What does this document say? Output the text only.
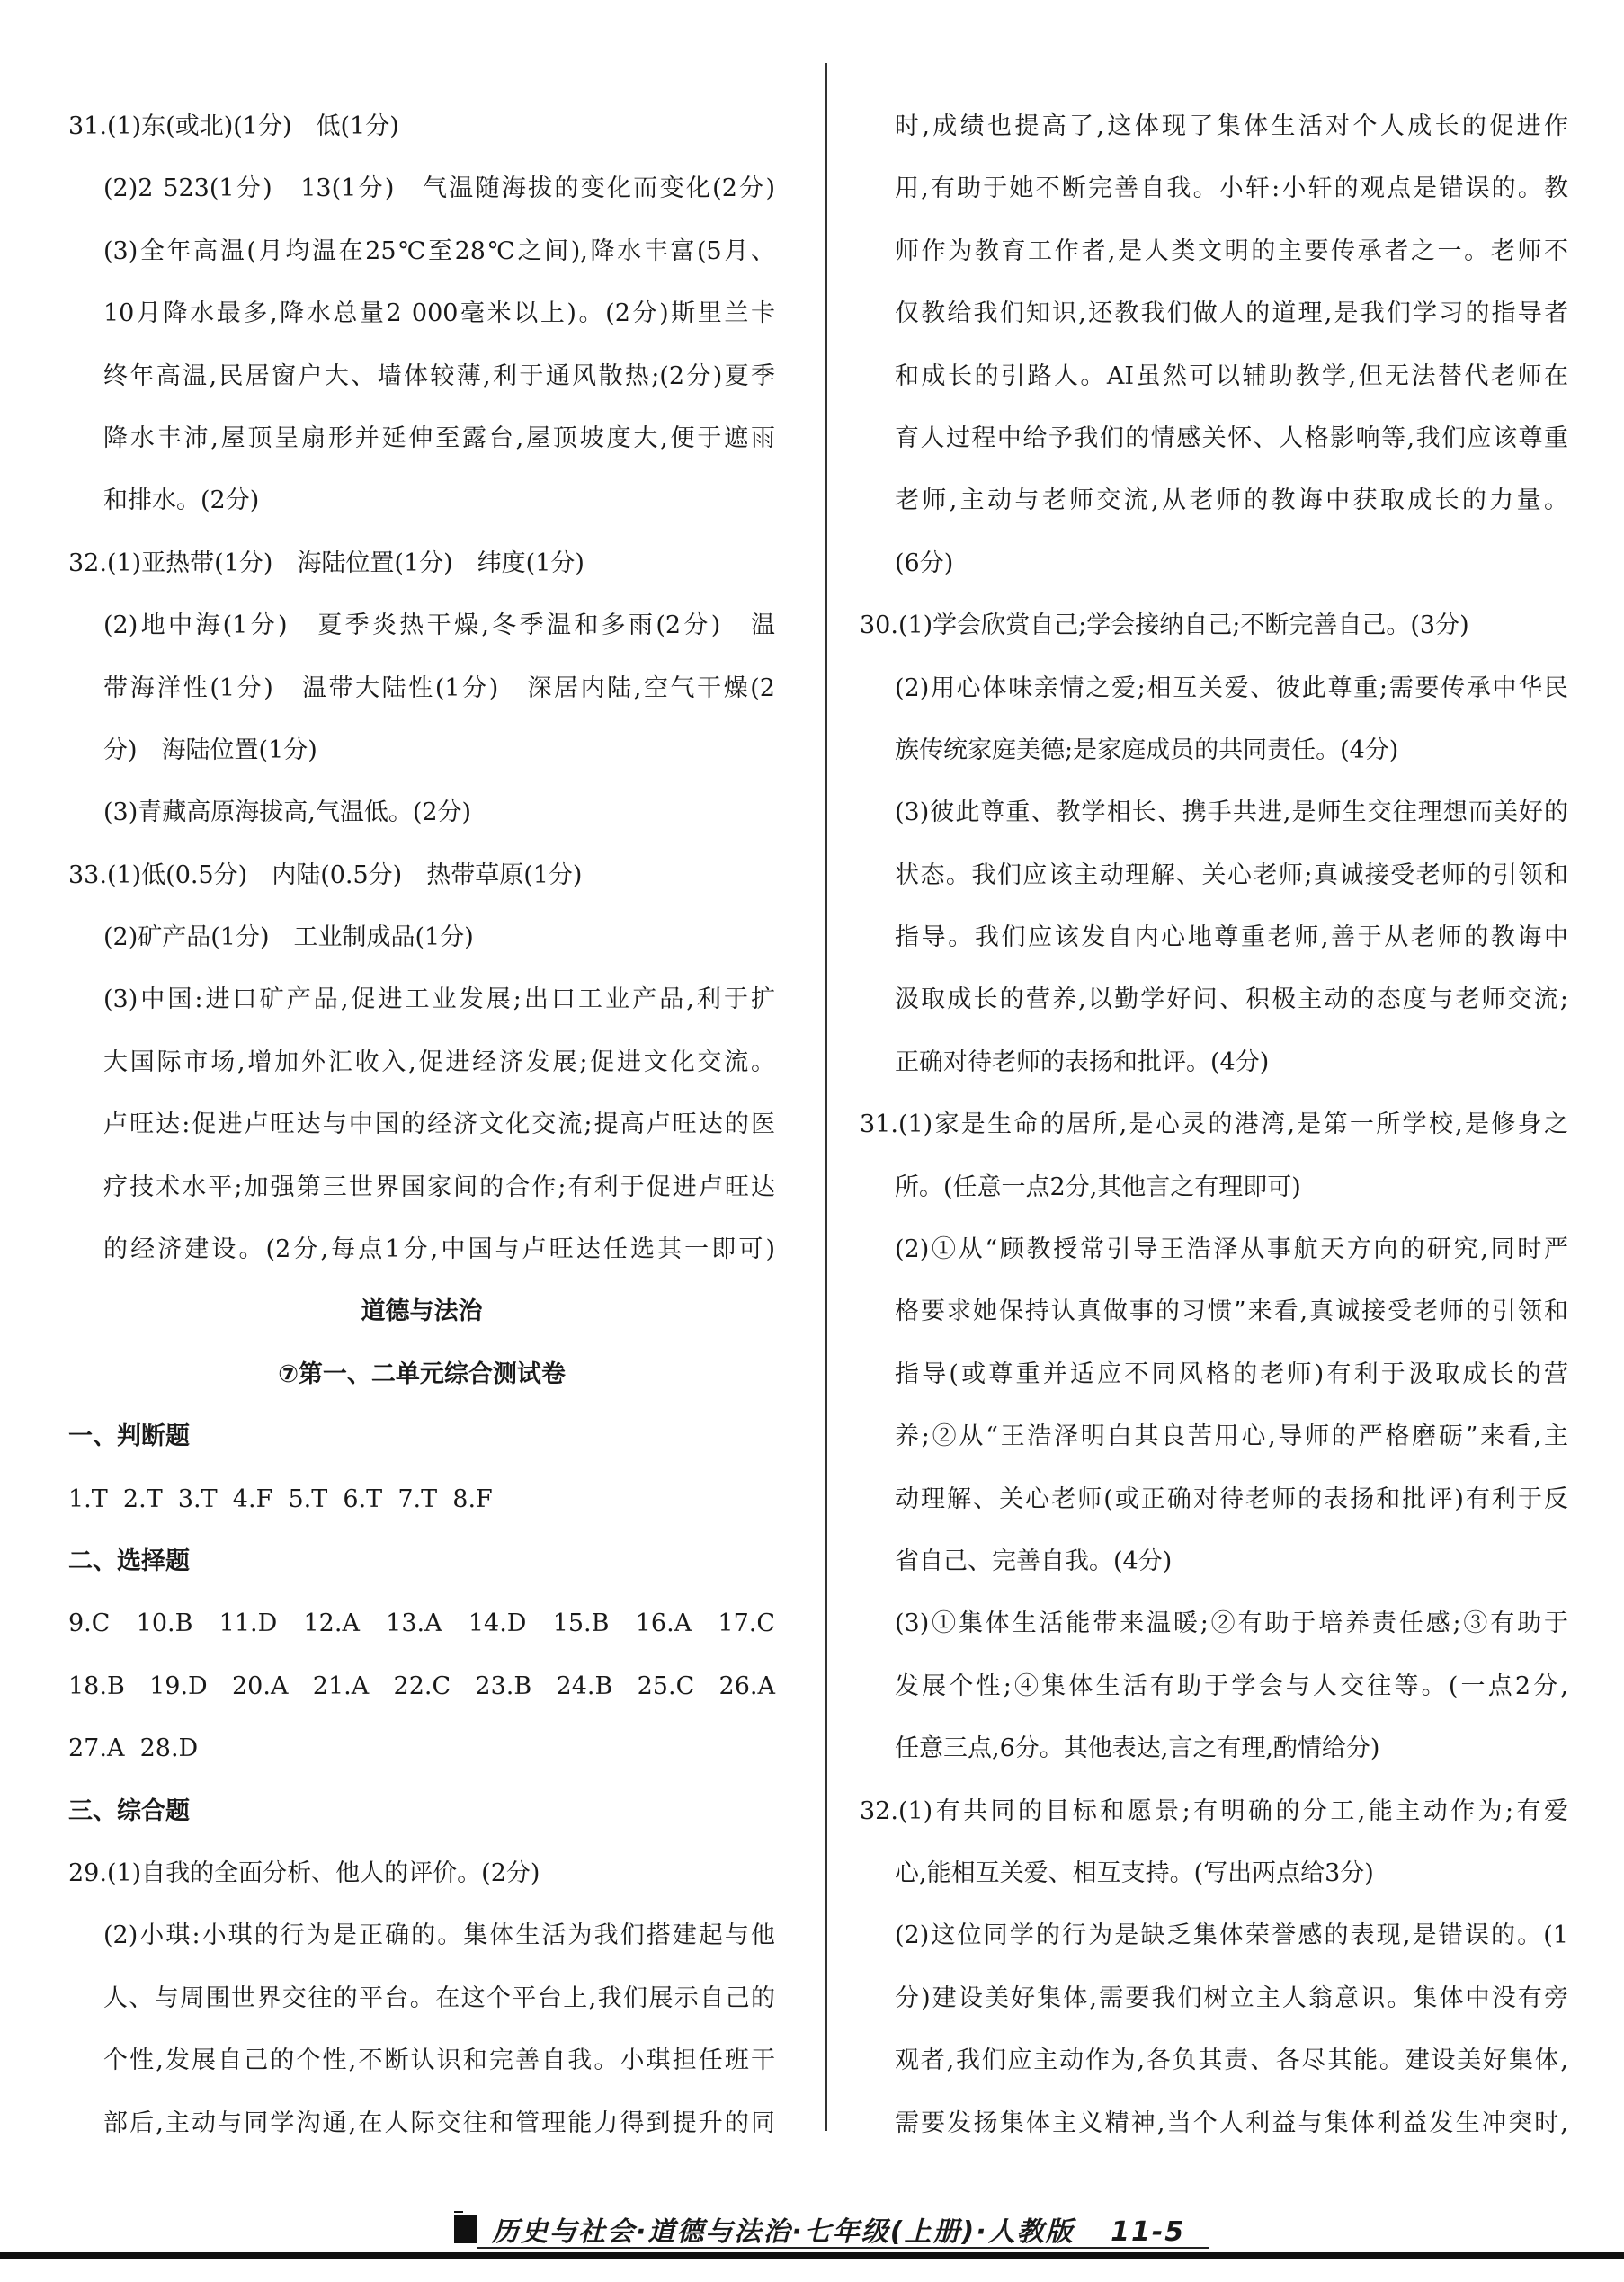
31.(1)东(或北)(1分)　低(1分)
(2)2 523(1分)　13(1分)　气温随海拔的变化而变化(2分)
(3)全年高温(月均温在25℃至28℃之间),降水丰富(5月、
10月降水最多,降水总量2 000毫米以上)。(2分)斯里兰卡
终年高温,民居窗户大、墙体较薄,利于通风散热;(2分)夏季
降水丰沛,屋顶呈扇形并延伸至露台,屋顶坡度大,便于遮雨
和排水。(2分)
32.(1)亚热带(1分)　海陆位置(1分)　纬度(1分)
(2)地中海(1分)　夏季炎热干燥,冬季温和多雨(2分)　温
带海洋性(1分)　温带大陆性(1分)　深居内陆,空气干燥(2
分)　海陆位置(1分)
(3)青藏高原海拔高,气温低。(2分)
33.(1)低(0.5分)　内陆(0.5分)　热带草原(1分)
(2)矿产品(1分)　工业制成品(1分)
(3)中国:进口矿产品,促进工业发展;出口工业产品,利于扩
大国际市场,增加外汇收入,促进经济发展;促进文化交流。
卢旺达:促进卢旺达与中国的经济文化交流;提高卢旺达的医
疗技术水平;加强第三世界国家间的合作;有利于促进卢旺达
的经济建设。(2分,每点1分,中国与卢旺达任选其一即可)
道德与法治
⑦第一、二单元综合测试卷
一、判断题
1.T  2.T  3.T  4.F  5.T  6.T  7.T  8.F
二、选择题
9.C 10.B 11.D 12.A 13.A 14.D 15.B 16.A 17.C
18.B 19.D 20.A 21.A 22.C 23.B 24.B 25.C 26.A
27.A  28.D
三、综合题
29.(1)自我的全面分析、他人的评价。(2分)
(2)小琪:小琪的行为是正确的。集体生活为我们搭建起与他
人、与周围世界交往的平台。在这个平台上,我们展示自己的
个性,发展自己的个性,不断认识和完善自我。小琪担任班干
部后,主动与同学沟通,在人际交往和管理能力得到提升的同
时,成绩也提高了,这体现了集体生活对个人成长的促进作
用,有助于她不断完善自我。小轩:小轩的观点是错误的。教
师作为教育工作者,是人类文明的主要传承者之一。老师不
仅教给我们知识,还教我们做人的道理,是我们学习的指导者
和成长的引路人。AI虽然可以辅助教学,但无法替代老师在
育人过程中给予我们的情感关怀、人格影响等,我们应该尊重
老师,主动与老师交流,从老师的教诲中获取成长的力量。
(6分)
30.(1)学会欣赏自己;学会接纳自己;不断完善自己。(3分)
(2)用心体味亲情之爱;相互关爱、彼此尊重;需要传承中华民
族传统家庭美德;是家庭成员的共同责任。(4分)
(3)彼此尊重、教学相长、携手共进,是师生交往理想而美好的
状态。我们应该主动理解、关心老师;真诚接受老师的引领和
指导。我们应该发自内心地尊重老师,善于从老师的教诲中
汲取成长的营养,以勤学好问、积极主动的态度与老师交流;
正确对待老师的表扬和批评。(4分)
31.(1)家是生命的居所,是心灵的港湾,是第一所学校,是修身之
所。(任意一点2分,其他言之有理即可)
(2)①从“顾教授常引导王浩泽从事航天方向的研究,同时严
格要求她保持认真做事的习惯”来看,真诚接受老师的引领和
指导(或尊重并适应不同风格的老师)有利于汲取成长的营
养;②从“王浩泽明白其良苦用心,导师的严格磨砺”来看,主
动理解、关心老师(或正确对待老师的表扬和批评)有利于反
省自己、完善自我。(4分)
(3)①集体生活能带来温暖;②有助于培养责任感;③有助于
发展个性;④集体生活有助于学会与人交往等。(一点2分,
任意三点,6分。其他表达,言之有理,酌情给分)
32.(1)有共同的目标和愿景;有明确的分工,能主动作为;有爱
心,能相互关爱、相互支持。(写出两点给3分)
(2)这位同学的行为是缺乏集体荣誉感的表现,是错误的。(1
分)建设美好集体,需要我们树立主人翁意识。集体中没有旁
观者,我们应主动作为,各负其责、各尽其能。建设美好集体,
需要发扬集体主义精神,当个人利益与集体利益发生冲突时,
历史与社会·道德与法治·七年级(上册)·人教版 11-5
